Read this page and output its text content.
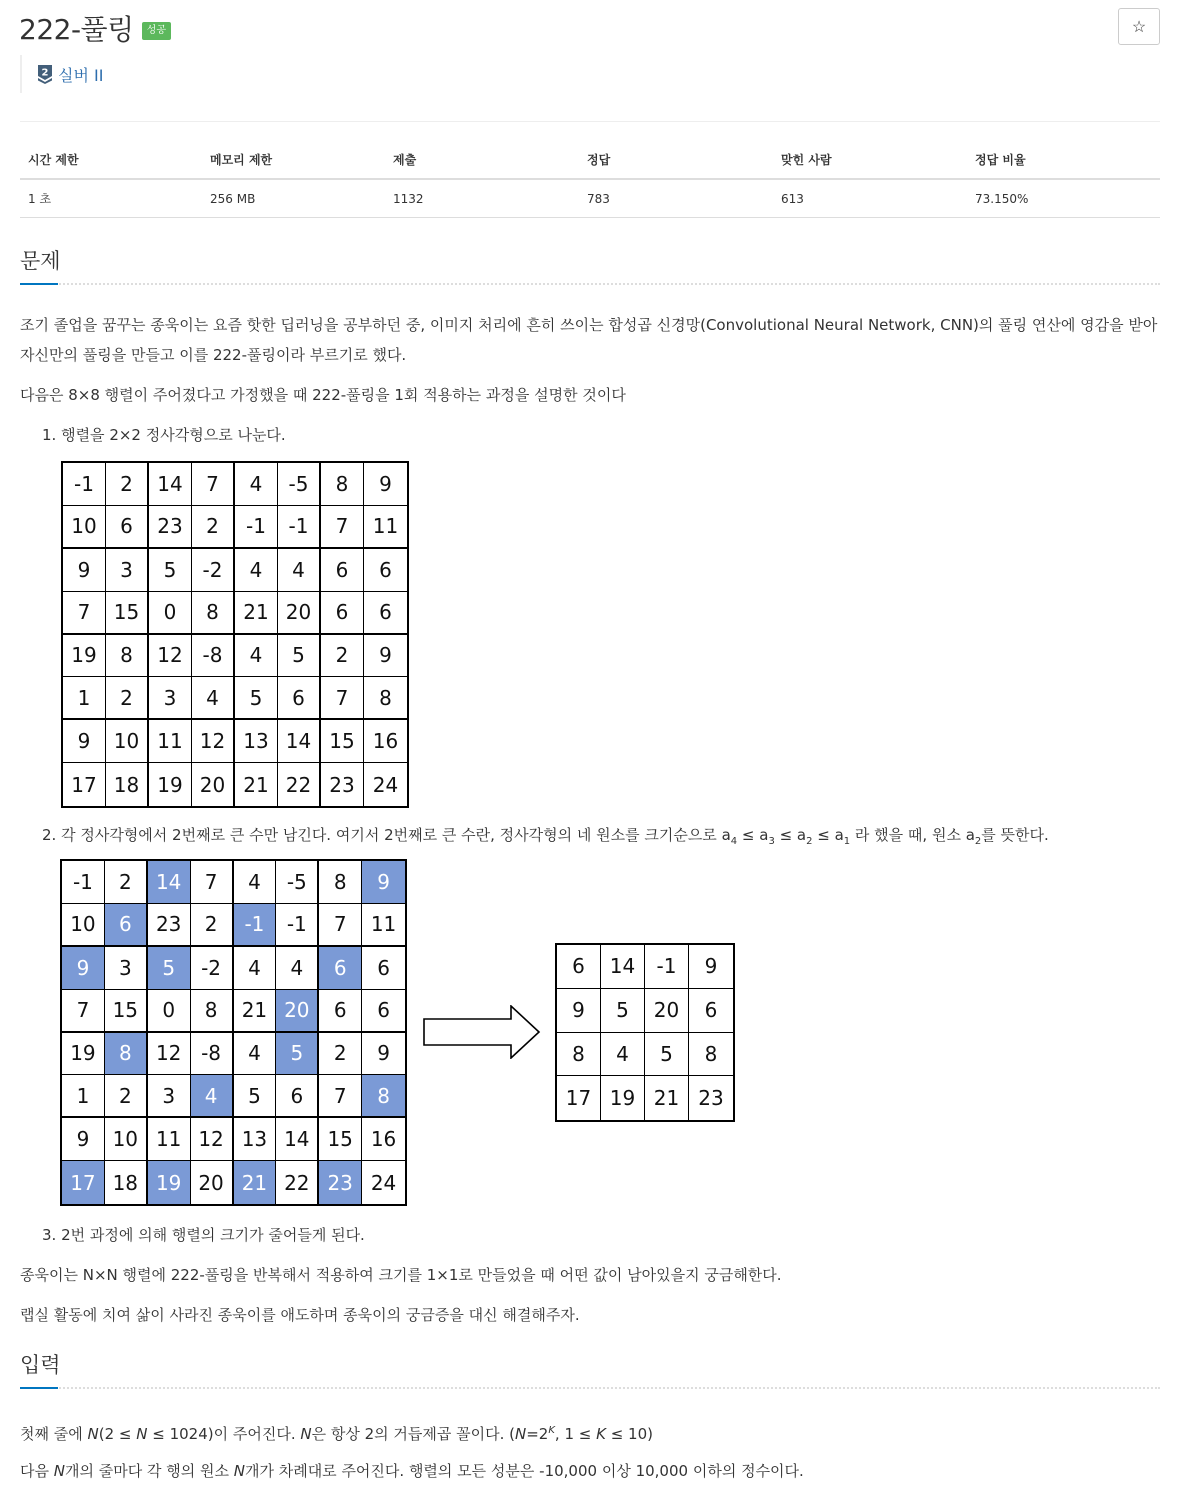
222-풀링	성공	☆
2 실버 II
시간 제한	메모리 제한	제출	정답	맞힌 사람	정답 비율
1 초	256 MB	1132	783	613	73.150%
문제

조기 졸업을 꿈꾸는 종욱이는 요즘 핫한 딥러닝을 공부하던 중, 이미지 처리에 흔히 쓰이는 합성곱 신경망(Convolutional Neural Network, CNN)의 풀링 연산에 영감을 받아 자신만의 풀링을 만들고 이를 222-풀링이라 부르기로 했다.

다음은 8×8 행렬이 주어졌다고 가정했을 때 222-풀링을 1회 적용하는 과정을 설명한 것이다

1. 행렬을 2×2 정사각형으로 나눈다.
-1	2	14	7	4	-5	8	9
10	6	23	2	-1	-1	7	11
9	3	5	-2	4	4	6	6
7	15	0	8	21 20	6	6
19	8	12 -8	4	5	2	9
1	2	3	4	5	6	7	8
9	10 11 12 13 14 15 16
17 18 19 20 21 22 23 24
2. 각 정사각형에서 2번째로 큰 수만 남긴다. 여기서 2번째로 큰 수란, 정사각형의 네 원소를 크기순으로 $a_4 \le a_3 \le a_2 \le a_1$ 라 했을 때, 원소 $a_2$를 뜻한다.
-1	2	14	7	4	-5	8	9
10	6	23	2	-1	-1	7	11
9	3	5	-2	4	4	6	6
7	15	0	8	21 20	6	6
19	8	12 -8	4	5	2	9
1	2	3	4	5	6	7	8
9	10 11 12 13 14 15 16
17 18 19 20 21 22 23 24
6	14	-1	9
9	5	20	6
8	4	5	8
17 19 21 23
3. 2번 과정에 의해 행렬의 크기가 줄어들게 된다.

종욱이는 N×N 행렬에 222-풀링을 반복해서 적용하여 크기를 1×1로 만들었을 때 어떤 값이 남아있을지 궁금해한다.

랩실 활동에 치여 삶이 사라진 종욱이를 애도하며 종욱이의 궁금증을 대신 해결해주자.

입력

첫째 줄에 N(2 ≤ N ≤ 1024)이 주어진다. N은 항상 2의 거듭제곱 꼴이다. ($N=2^K$, 1 ≤ K ≤ 10)

다음 N개의 줄마다 각 행의 원소 N개가 차례대로 주어진다. 행렬의 모든 성분은 -10,000 이상 10,000 이하의 정수이다.
